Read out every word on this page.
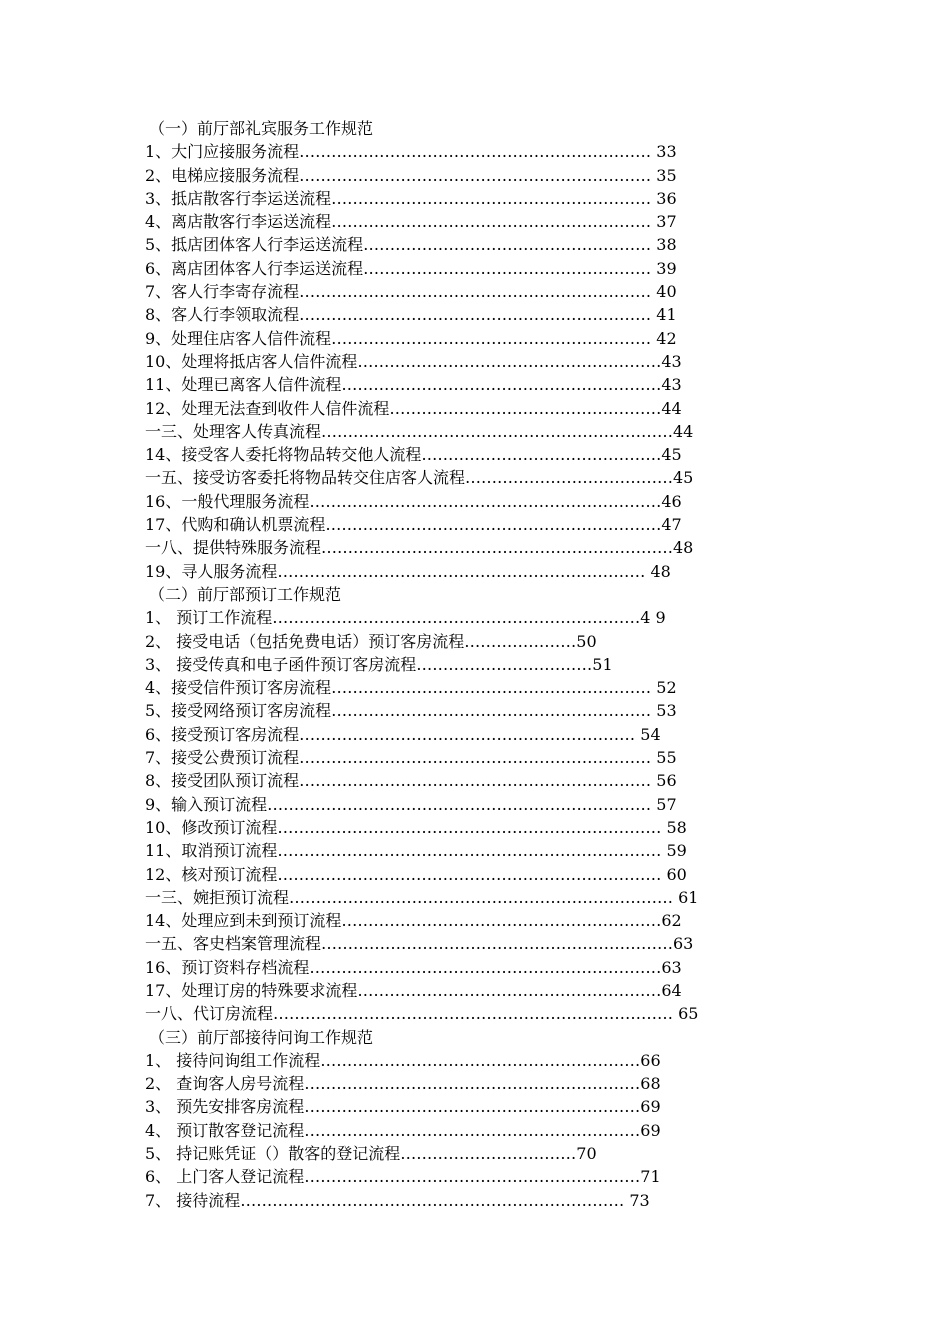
（一）前厅部礼宾服务工作规范
1、大门应接服务流程………………………………………………………… 33
2、电梯应接服务流程………………………………………………………… 35
3、抵店散客行李运送流程…………………………………………………… 36
4、离店散客行李运送流程…………………………………………………… 37
5、抵店团体客人行李运送流程……………………………………………… 38
6、离店团体客人行李运送流程……………………………………………… 39
7、客人行李寄存流程………………………………………………………… 40
8、客人行李领取流程………………………………………………………… 41
9、处理住店客人信件流程…………………………………………………… 42
10、处理将抵店客人信件流程…………………………………………………43
11、处理已离客人信件流程……………………………………………………43
12、处理无法查到收件人信件流程……………………………………………44
一三、处理客人传真流程…………………………………………………………44
14、接受客人委托将物品转交他人流程………………………………………45
一五、接受访客委托将物品转交住店客人流程…………………………………45
16、一般代理服务流程…………………………………………………………46
17、代购和确认机票流程………………………………………………………47
一八、提供特殊服务流程…………………………………………………………48
19、寻人服务流程…………………………………………………………… 48
（二）前厅部预订工作规范
1、 预订工作流程……………………………………………………………4 9
2、 接受电话（包括免费电话）预订客房流程…………………50
3、 接受传真和电子函件预订客房流程……………………………51
4、接受信件预订客房流程…………………………………………………… 52
5、接受网络预订客房流程…………………………………………………… 53
6、接受预订客房流程……………………………………………………… 54
7、接受公费预订流程………………………………………………………… 55
8、接受团队预订流程………………………………………………………… 56
9、输入预订流程……………………………………………………………… 57
10、修改预订流程……………………………………………………………… 58
11、取消预订流程……………………………………………………………… 59
12、核对预订流程……………………………………………………………… 60
一三、婉拒预订流程……………………………………………………………… 61
14、处理应到未到预订流程……………………………………………………62
一五、客史档案管理流程…………………………………………………………63
16、预订资料存档流程…………………………………………………………63
17、处理订房的特殊要求流程…………………………………………………64
一八、代订房流程………………………………………………………………… 65
（三）前厅部接待问询工作规范
1、 接待问询组工作流程……………………………………………………66
2、 查询客人房号流程………………………………………………………68
3、 预先安排客房流程………………………………………………………69
4、 预订散客登记流程………………………………………………………69
5、 持记账凭证（）散客的登记流程……………………………70
6、 上门客人登记流程………………………………………………………71
7、 接待流程……………………………………………………………… 73
